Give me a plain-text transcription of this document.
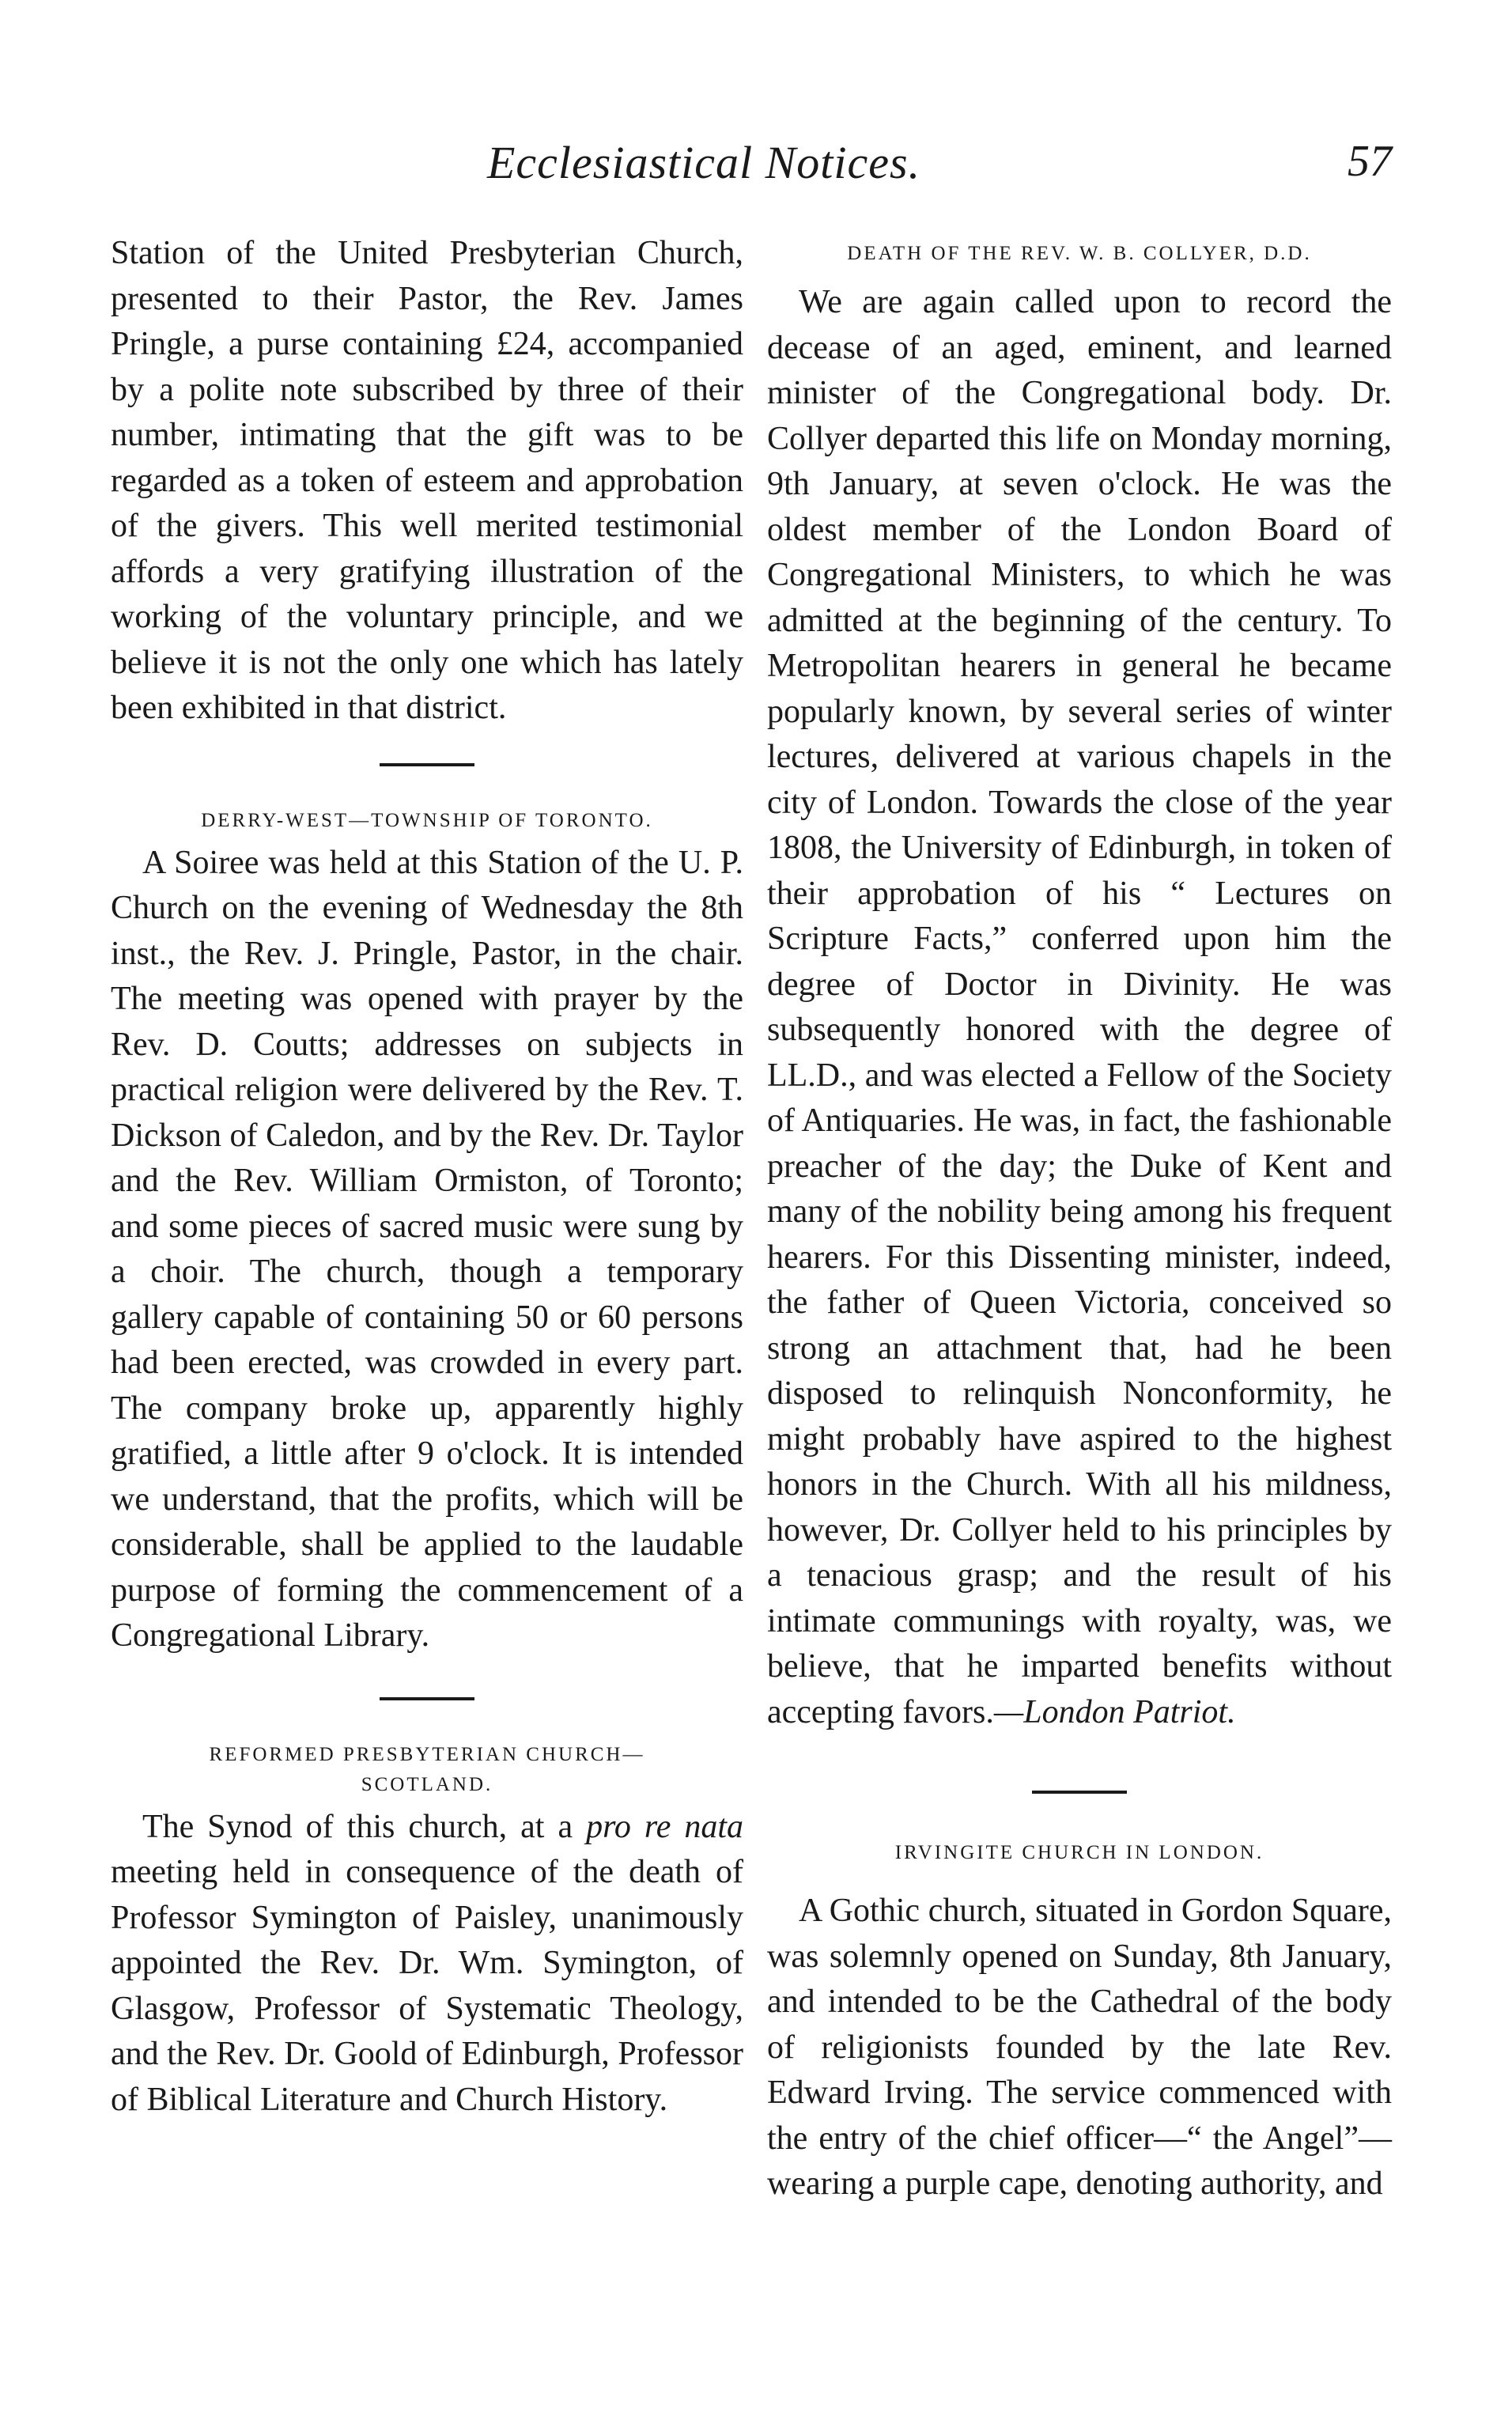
Ecclesiastical Notices.	57

Station of the United Presbyterian Church, presented to their Pastor, the Rev. James Pringle, a purse containing £24, accompanied by a polite note subscribed by three of their number, intimating that the gift was to be regarded as a token of esteem and approbation of the givers. This well merited testimonial affords a very gratifying illustration of the working of the voluntary principle, and we believe it is not the only one which has lately been exhibited in that district.

DERRY-WEST—TOWNSHIP OF TORONTO.

A Soiree was held at this Station of the U. P. Church on the evening of Wednesday the 8th inst., the Rev. J. Pringle, Pastor, in the chair. The meeting was opened with prayer by the Rev. D. Coutts; addresses on subjects in practical religion were delivered by the Rev. T. Dickson of Caledon, and by the Rev. Dr. Taylor and the Rev. William Ormiston, of Toronto; and some pieces of sacred music were sung by a choir. The church, though a temporary gallery capable of containing 50 or 60 persons had been erected, was crowded in every part. The company broke up, apparently highly gratified, a little after 9 o'clock. It is intended we understand, that the profits, which will be considerable, shall be applied to the laudable purpose of forming the commencement of a Congregational Library.

REFORMED PRESBYTERIAN CHURCH—
SCOTLAND.

The Synod of this church, at a pro re nata meeting held in consequence of the death of Professor Symington of Paisley, unanimously appointed the Rev. Dr. Wm. Symington, of Glasgow, Professor of Systematic Theology, and the Rev. Dr. Goold of Edinburgh, Professor of Biblical Literature and Church History.

DEATH OF THE REV. W. B. COLLYER, D.D.

We are again called upon to record the decease of an aged, eminent, and learned minister of the Congregational body. Dr. Collyer departed this life on Monday morning, 9th January, at seven o'clock. He was the oldest member of the London Board of Congregational Ministers, to which he was admitted at the beginning of the century. To Metropolitan hearers in general he became popularly known, by several series of winter lectures, delivered at various chapels in the city of London. Towards the close of the year 1808, the University of Edinburgh, in token of their approbation of his “ Lectures on Scripture Facts,” conferred upon him the degree of Doctor in Divinity. He was subsequently honored with the degree of LL.D., and was elected a Fellow of the Society of Antiquaries. He was, in fact, the fashionable preacher of the day; the Duke of Kent and many of the nobility being among his frequent hearers. For this Dissenting minister, indeed, the father of Queen Victoria, conceived so strong an attachment that, had he been disposed to relinquish Nonconformity, he might probably have aspired to the highest honors in the Church. With all his mildness, however, Dr. Collyer held to his principles by a tenacious grasp; and the result of his intimate communings with royalty, was, we believe, that he imparted benefits without accepting favors.—London Patriot.

IRVINGITE CHURCH IN LONDON.

A Gothic church, situated in Gordon Square, was solemnly opened on Sunday, 8th January, and intended to be the Cathedral of the body of religionists founded by the late Rev. Edward Irving. The service commenced with the entry of the chief officer—“ the Angel”—wearing a purple cape, denoting authority, and
